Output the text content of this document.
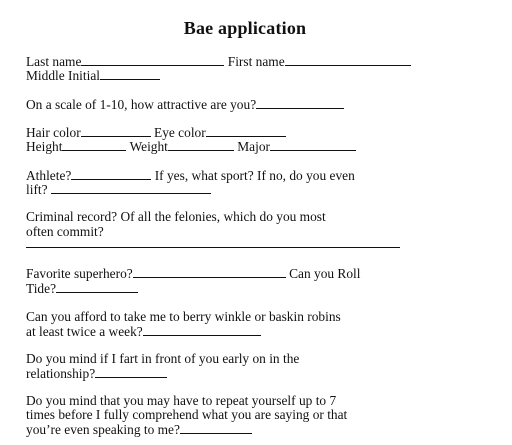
Bae application
Last name	First name
Middle Initial
On a scale of 1-10, how attractive are you?
Hair color	Eye color
Height	Weight	Major
Athlete?	If yes, what sport? If no, do you even
lift?
Criminal record? Of all the felonies, which do you most
often commit?
Favorite superhero?	Can you Roll
Tide?
Can you afford to take me to berry winkle or baskin robins
at least twice a week?
Do you mind if I fart in front of you early on in the
relationship?
Do you mind that you may have to repeat yourself up to 7
times before I fully comprehend what you are saying or that
you’re even speaking to me?
